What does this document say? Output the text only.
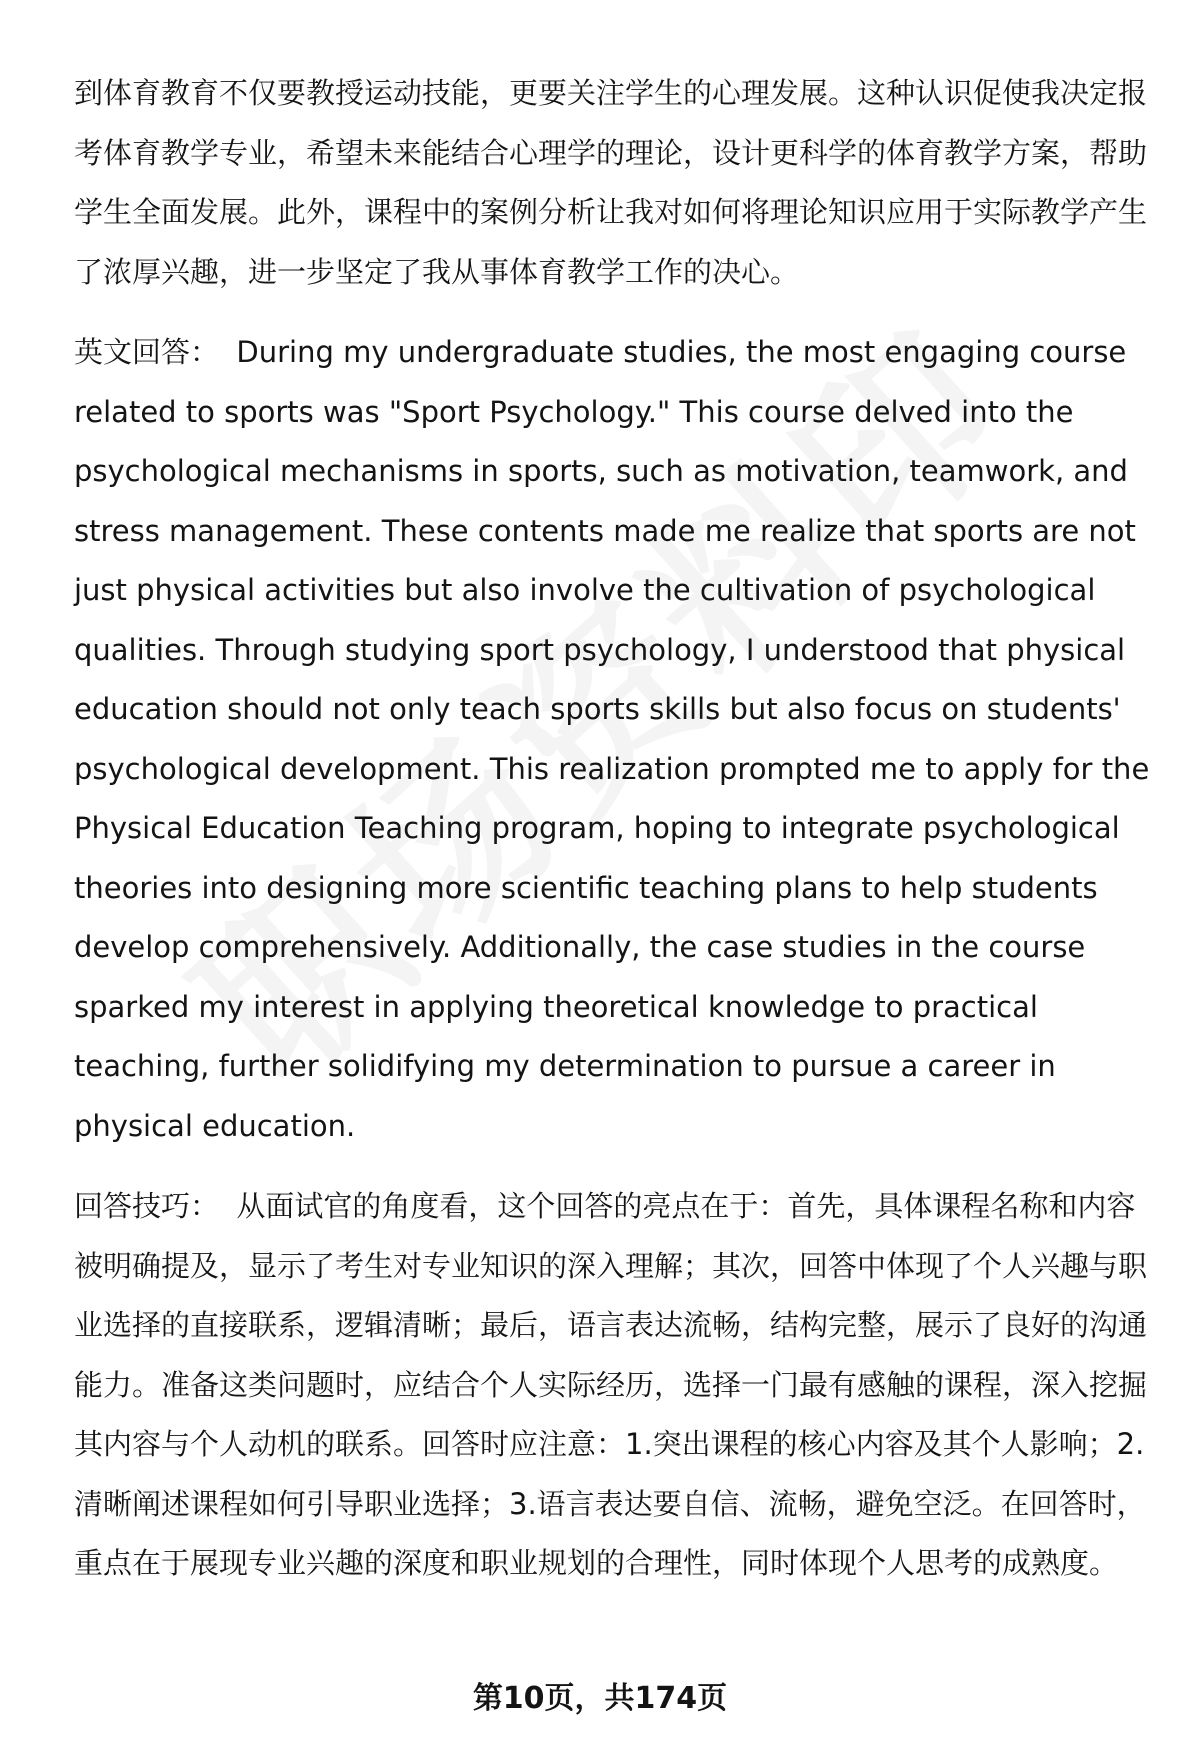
到体育教育不仅要教授运动技能，更要关注学生的心理发展。这种认识促使我决定报考体育教学专业，希望未来能结合心理学的理论，设计更科学的体育教学方案，帮助学生全面发展。此外，课程中的案例分析让我对如何将理论知识应用于实际教学产生了浓厚兴趣，进一步坚定了我从事体育教学工作的决心。

英文回答： During my undergraduate studies, the most engaging course related to sports was "Sport Psychology." This course delved into the psychological mechanisms in sports, such as motivation, teamwork, and stress management. These contents made me realize that sports are not just physical activities but also involve the cultivation of psychological qualities. Through studying sport psychology, I understood that physical education should not only teach sports skills but also focus on students' psychological development. This realization prompted me to apply for the Physical Education Teaching program, hoping to integrate psychological theories into designing more scientific teaching plans to help students develop comprehensively. Additionally, the case studies in the course sparked my interest in applying theoretical knowledge to practical teaching, further solidifying my determination to pursue a career in physical education.

回答技巧： 从面试官的角度看，这个回答的亮点在于：首先，具体课程名称和内容被明确提及，显示了考生对专业知识的深入理解；其次，回答中体现了个人兴趣与职业选择的直接联系，逻辑清晰；最后，语言表达流畅，结构完整，展示了良好的沟通能力。准备这类问题时，应结合个人实际经历，选择一门最有感触的课程，深入挖掘其内容与个人动机的联系。回答时应注意：1.突出课程的核心内容及其个人影响；2.清晰阐述课程如何引导职业选择；3.语言表达要自信、流畅，避免空泛。在回答时，重点在于展现专业兴趣的深度和职业规划的合理性，同时体现个人思考的成熟度。

第10页，共174页
